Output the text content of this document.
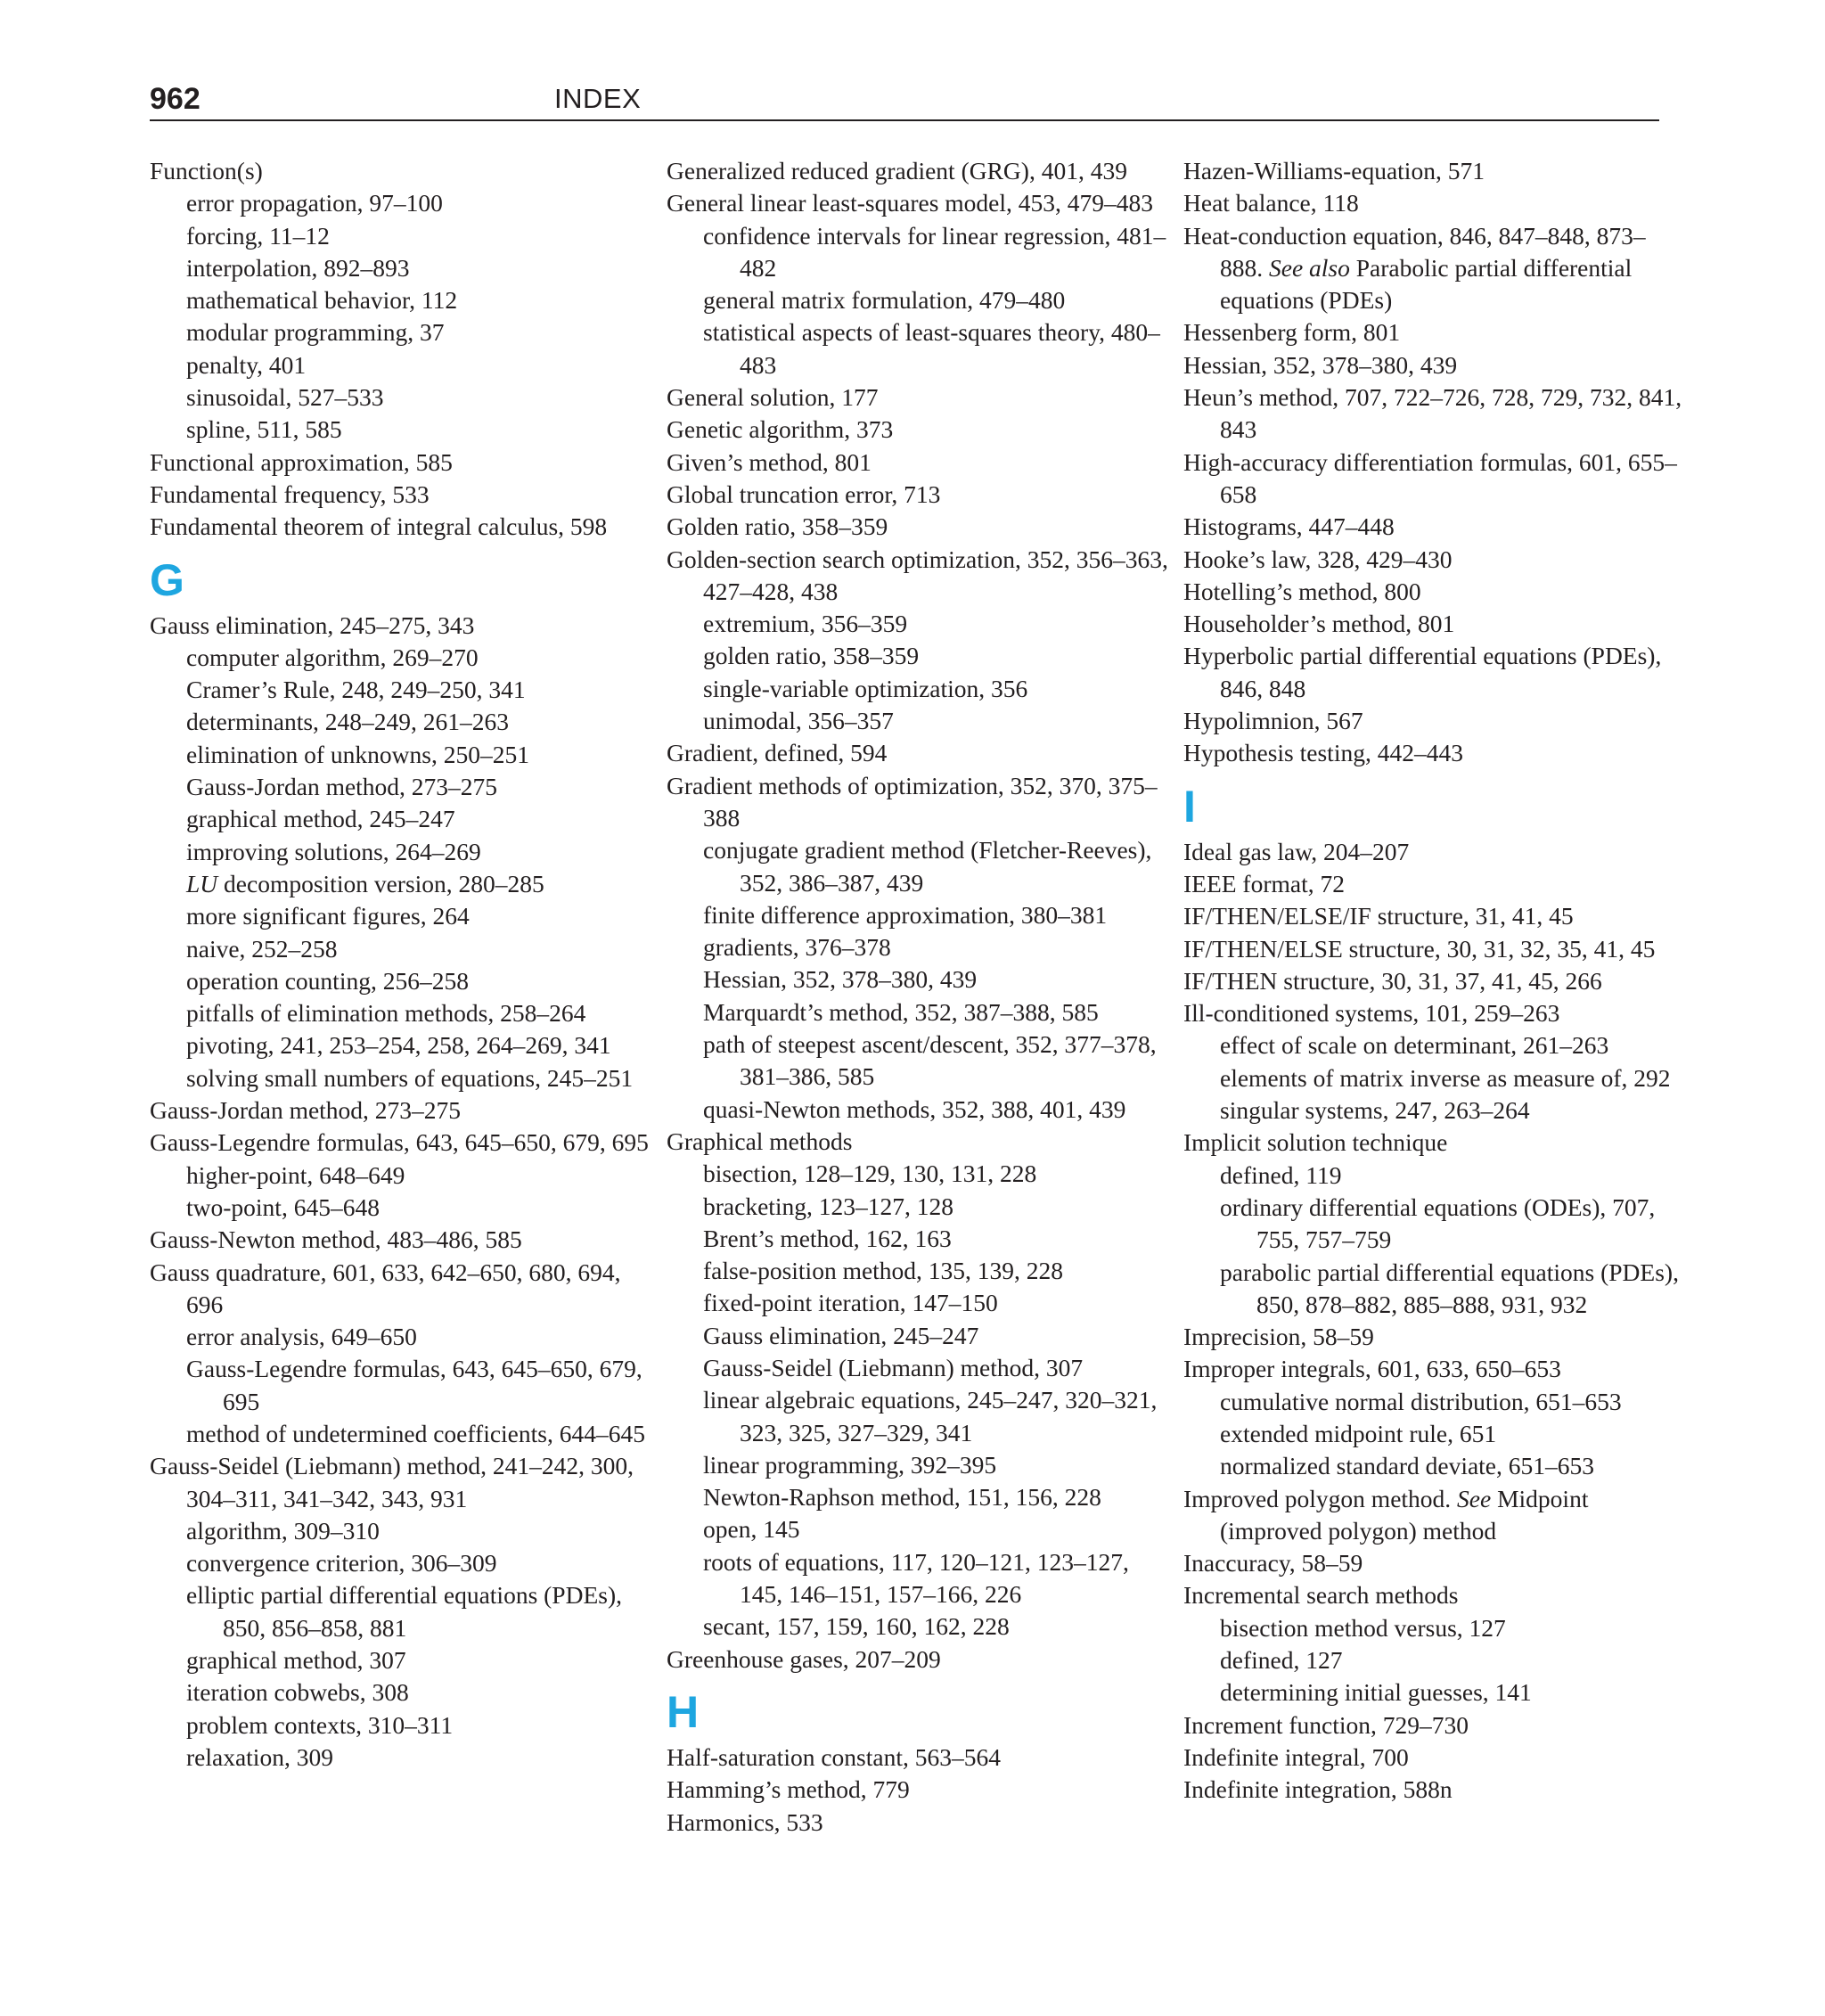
962	INDEX
Function(s)
error propagation, 97–100
forcing, 11–12
interpolation, 892–893
mathematical behavior, 112
modular programming, 37
penalty, 401
sinusoidal, 527–533
spline, 511, 585
Functional approximation, 585
Fundamental frequency, 533
Fundamental theorem of integral calculus, 598
G
Gauss elimination, 245–275, 343
computer algorithm, 269–270
Cramer’s Rule, 248, 249–250, 341
determinants, 248–249, 261–263
elimination of unknowns, 250–251
Gauss-Jordan method, 273–275
graphical method, 245–247
improving solutions, 264–269
LU decomposition version, 280–285
more significant figures, 264
naive, 252–258
operation counting, 256–258
pitfalls of elimination methods, 258–264
pivoting, 241, 253–254, 258, 264–269, 341
solving small numbers of equations, 245–251
Gauss-Jordan method, 273–275
Gauss-Legendre formulas, 643, 645–650, 679, 695
higher-point, 648–649
two-point, 645–648
Gauss-Newton method, 483–486, 585
Gauss quadrature, 601, 633, 642–650, 680, 694, 696
error analysis, 649–650
Gauss-Legendre formulas, 643, 645–650, 679, 695
method of undetermined coefficients, 644–645
Gauss-Seidel (Liebmann) method, 241–242, 300, 304–311, 341–342, 343, 931
algorithm, 309–310
convergence criterion, 306–309
elliptic partial differential equations (PDEs), 850, 856–858, 881
graphical method, 307
iteration cobwebs, 308
problem contexts, 310–311
relaxation, 309
Generalized reduced gradient (GRG), 401, 439
General linear least-squares model, 453, 479–483
confidence intervals for linear regression, 481–482
general matrix formulation, 479–480
statistical aspects of least-squares theory, 480–483
General solution, 177
Genetic algorithm, 373
Given’s method, 801
Global truncation error, 713
Golden ratio, 358–359
Golden-section search optimization, 352, 356–363, 427–428, 438
extremium, 356–359
golden ratio, 358–359
single-variable optimization, 356
unimodal, 356–357
Gradient, defined, 594
Gradient methods of optimization, 352, 370, 375–388
conjugate gradient method (Fletcher-Reeves), 352, 386–387, 439
finite difference approximation, 380–381
gradients, 376–378
Hessian, 352, 378–380, 439
Marquardt’s method, 352, 387–388, 585
path of steepest ascent/descent, 352, 377–378, 381–386, 585
quasi-Newton methods, 352, 388, 401, 439
Graphical methods
bisection, 128–129, 130, 131, 228
bracketing, 123–127, 128
Brent’s method, 162, 163
false-position method, 135, 139, 228
fixed-point iteration, 147–150
Gauss elimination, 245–247
Gauss-Seidel (Liebmann) method, 307
linear algebraic equations, 245–247, 320–321, 323, 325, 327–329, 341
linear programming, 392–395
Newton-Raphson method, 151, 156, 228
open, 145
roots of equations, 117, 120–121, 123–127, 145, 146–151, 157–166, 226
secant, 157, 159, 160, 162, 228
Greenhouse gases, 207–209
H
Half-saturation constant, 563–564
Hamming’s method, 779
Harmonics, 533
Hazen-Williams-equation, 571
Heat balance, 118
Heat-conduction equation, 846, 847–848, 873–888. See also Parabolic partial differential equations (PDEs)
Hessenberg form, 801
Hessian, 352, 378–380, 439
Heun’s method, 707, 722–726, 728, 729, 732, 841, 843
High-accuracy differentiation formulas, 601, 655–658
Histograms, 447–448
Hooke’s law, 328, 429–430
Hotelling’s method, 800
Householder’s method, 801
Hyperbolic partial differential equations (PDEs), 846, 848
Hypolimnion, 567
Hypothesis testing, 442–443
I
Ideal gas law, 204–207
IEEE format, 72
IF/THEN/ELSE/IF structure, 31, 41, 45
IF/THEN/ELSE structure, 30, 31, 32, 35, 41, 45
IF/THEN structure, 30, 31, 37, 41, 45, 266
Ill-conditioned systems, 101, 259–263
effect of scale on determinant, 261–263
elements of matrix inverse as measure of, 292
singular systems, 247, 263–264
Implicit solution technique
defined, 119
ordinary differential equations (ODEs), 707, 755, 757–759
parabolic partial differential equations (PDEs), 850, 878–882, 885–888, 931, 932
Imprecision, 58–59
Improper integrals, 601, 633, 650–653
cumulative normal distribution, 651–653
extended midpoint rule, 651
normalized standard deviate, 651–653
Improved polygon method. See Midpoint (improved polygon) method
Inaccuracy, 58–59
Incremental search methods
bisection method versus, 127
defined, 127
determining initial guesses, 141
Increment function, 729–730
Indefinite integral, 700
Indefinite integration, 588n
